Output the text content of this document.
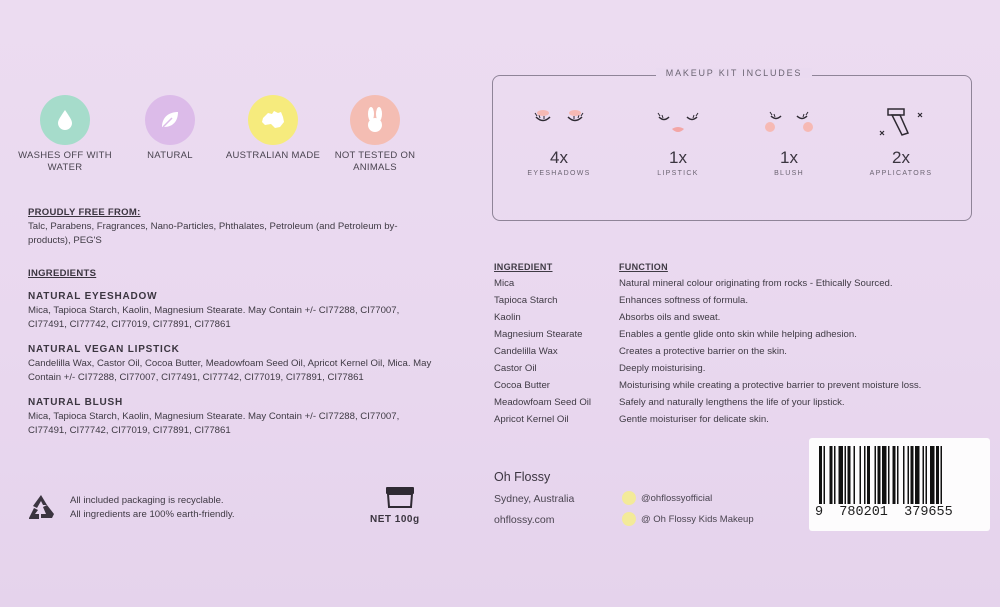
WASHES OFF WITH WATER
NATURAL	AUSTRALIAN MADE	NOT TESTED ON ANIMALS
PROUDLY FREE FROM:
Talc, Parabens, Fragrances, Nano-Particles, Phthalates, Petroleum (and Petroleum by-products), PEG'S
INGREDIENTS
NATURAL EYESHADOW
Mica, Tapioca Starch, Kaolin, Magnesium Stearate. May Contain +/- CI77288, CI77007, CI77491, CI77742, CI77019, CI77891, CI77861
NATURAL VEGAN LIPSTICK
Candelilla Wax, Castor Oil, Cocoa Butter, Meadowfoam Seed Oil, Apricot Kernel Oil, Mica. May Contain +/- CI77288, CI77007, CI77491, CI77742, CI77019, CI77891, CI77861
NATURAL BLUSH
Mica, Tapioca Starch, Kaolin, Magnesium Stearate. May Contain +/- CI77288, CI77007, CI77491, CI77742, CI77019, CI77891, CI77861
All included packaging is recyclable.
All ingredients are 100% earth-friendly.	NET 100g
MAKEUP KIT INCLUDES
4x
EYESHADOWS
1x
LIPSTICK
1x
BLUSH
2x
APPLICATORS
INGREDIENT	FUNCTION
Mica	Natural mineral colour originating from rocks - Ethically Sourced.
Tapioca Starch	Enhances softness of formula.
Kaolin	Absorbs oils and sweat.
Magnesium Stearate	Enables a gentle glide onto skin while helping adhesion.
Candelilla Wax	Creates a protective barrier on the skin.
Castor Oil	Deeply moisturising.
Cocoa Butter	Moisturising while creating a protective barrier to prevent moisture loss.
Meadowfoam Seed Oil	Safely and naturally lengthens the life of your lipstick.
Apricot Kernel Oil	Gentle moisturiser for delicate skin.
Oh Flossy
Sydney, Australia
ohflossy.com
@ohflossyofficial
@ Oh Flossy Kids Makeup	9  780201  379655
